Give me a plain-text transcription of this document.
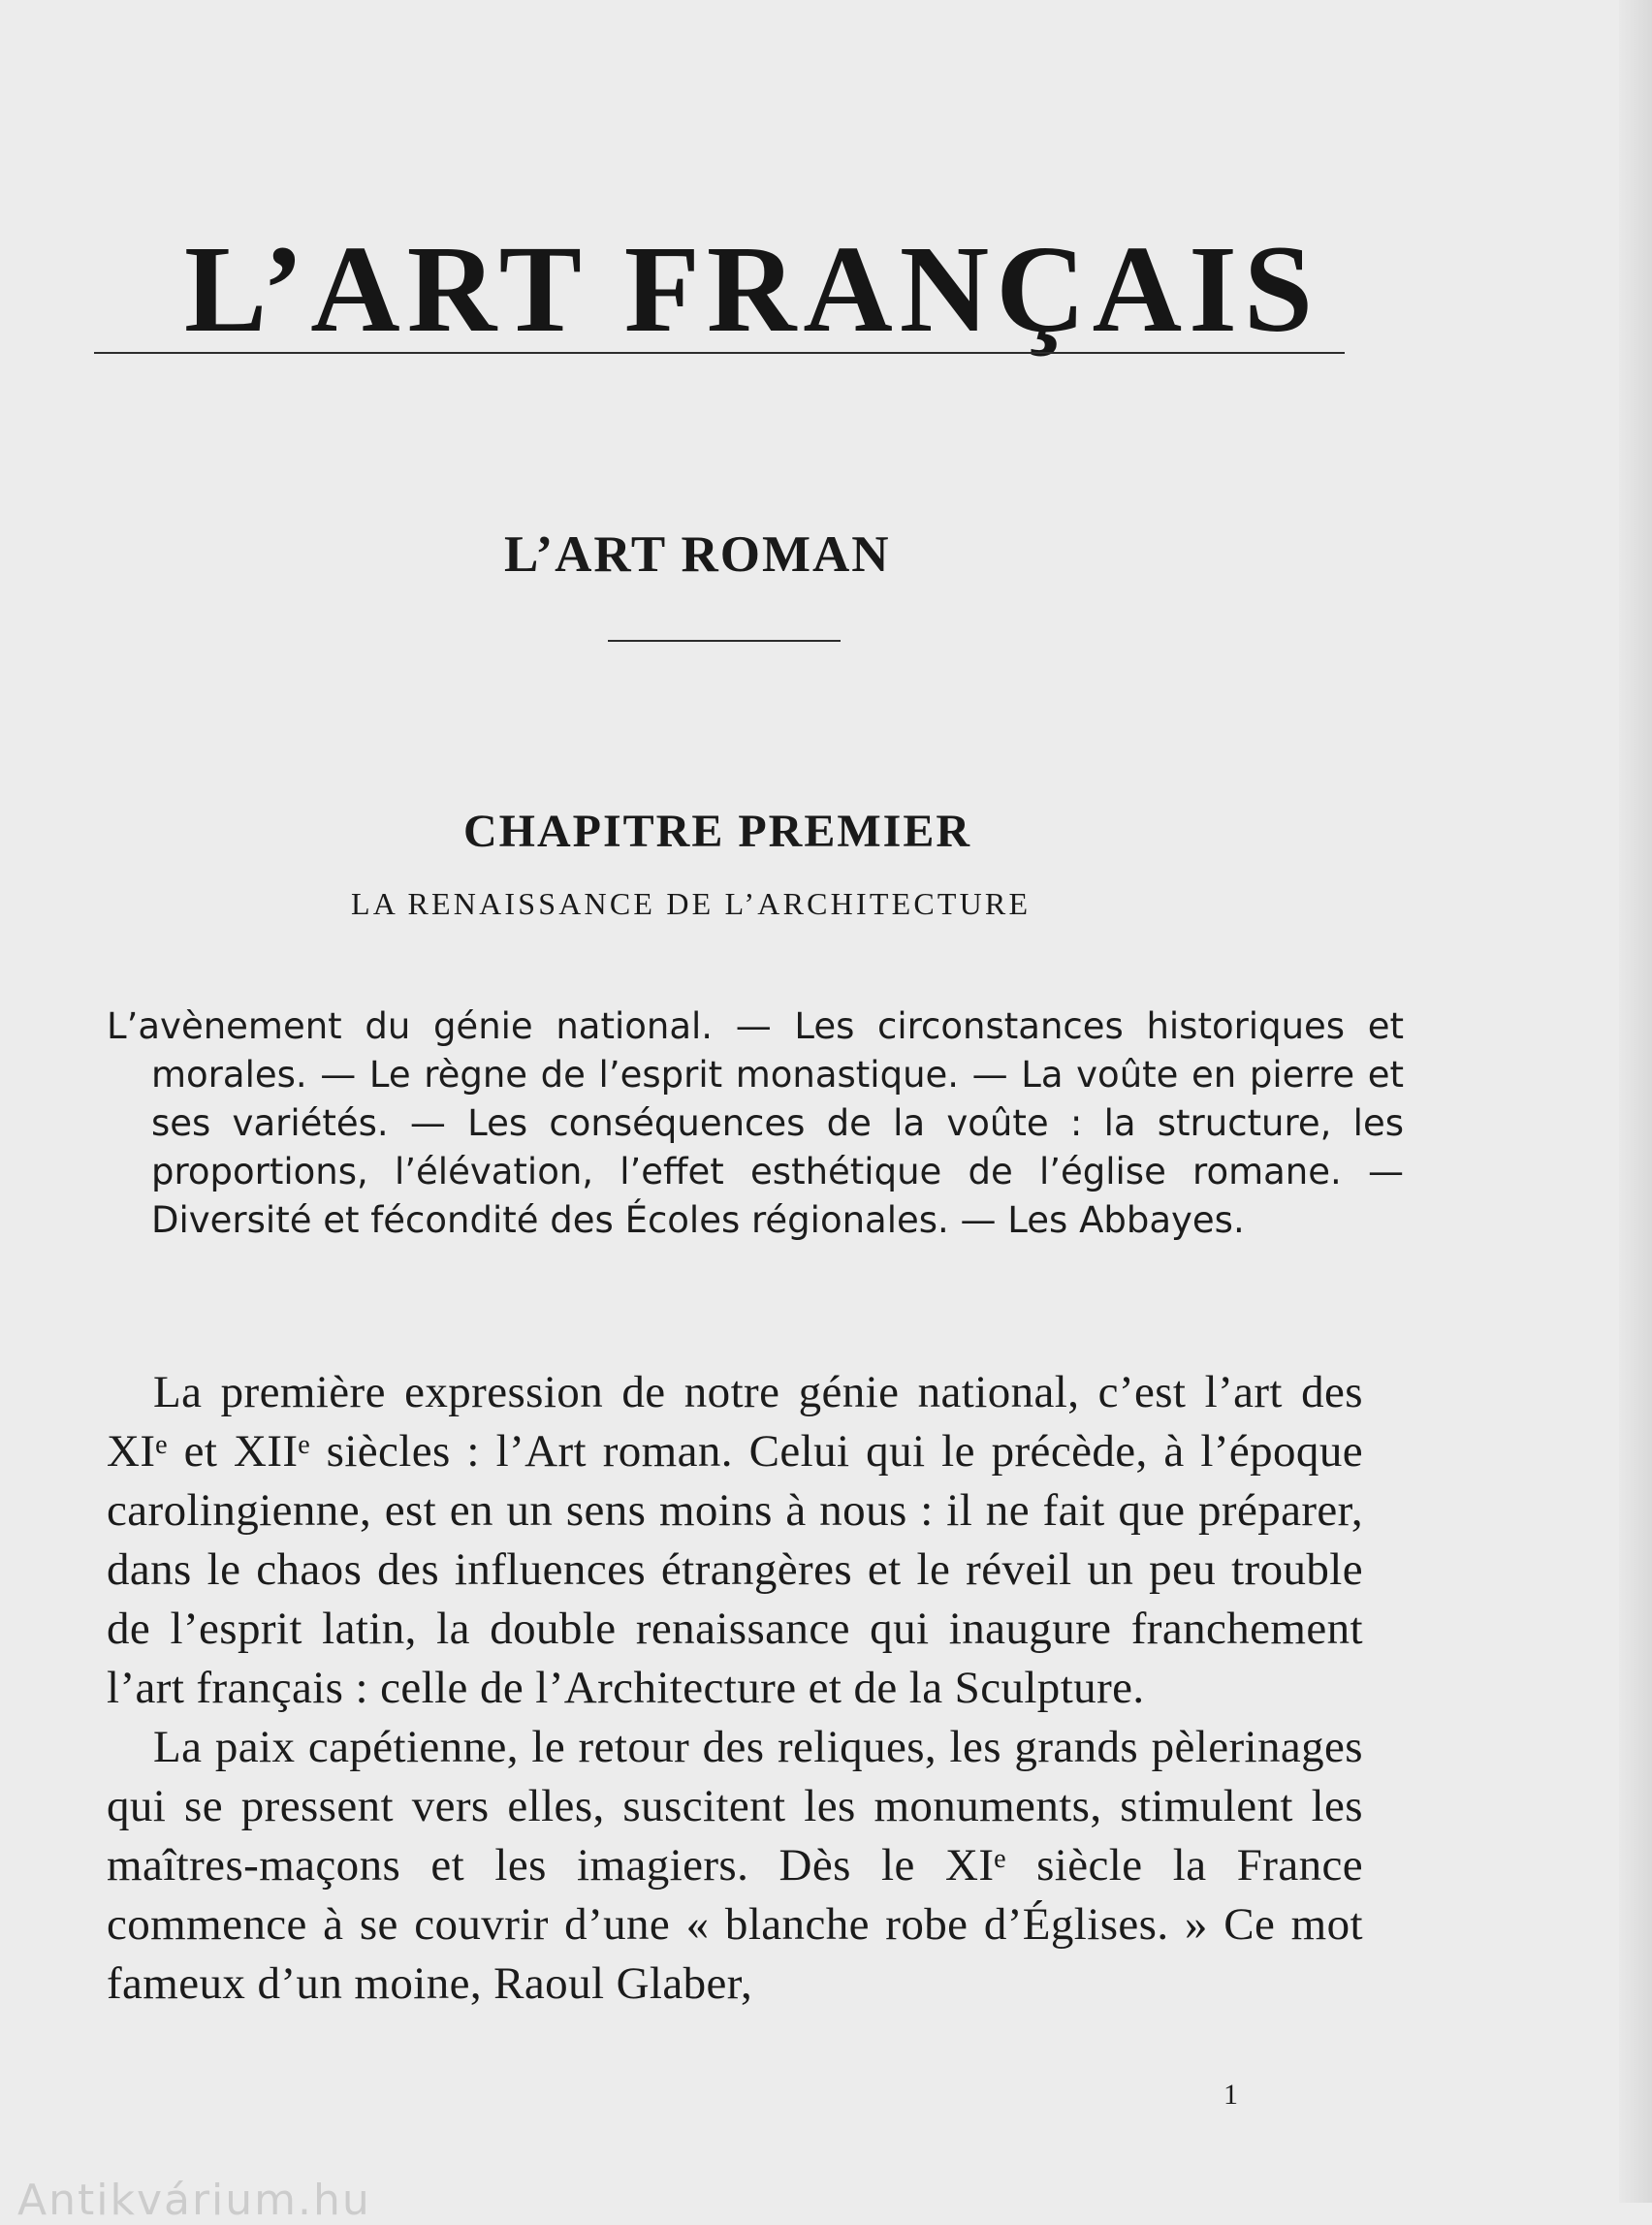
L’ART FRANÇAIS
L’ART ROMAN
CHAPITRE PREMIER
LA RENAISSANCE DE L’ARCHITECTURE

L’avènement du génie national. — Les circonstances historiques et morales. — Le règne de l’esprit monastique. — La voûte en pierre et ses variétés. — Les conséquences de la voûte : la structure, les proportions, l’élévation, l’effet esthétique de l’église romane. — Diversité et fécondité des Écoles régionales. — Les Abbayes.

La première expression de notre génie national, c’est l’art des XIᵉ et XIIᵉ siècles : l’Art roman. Celui qui le précède, à l’époque carolingienne, est en un sens moins à nous : il ne fait que préparer, dans le chaos des influences étrangères et le réveil un peu trouble de l’esprit latin, la double renaissance qui inaugure franchement l’art français : celle de l’Architecture et de la Sculpture.

La paix capétienne, le retour des reliques, les grands pèlerinages qui se pressent vers elles, suscitent les monuments, stimulent les maîtres-maçons et les imagiers. Dès le XIᵉ siècle la France commence à se couvrir d’une « blanche robe d’Églises. » Ce mot fameux d’un moine, Raoul Glaber,

1
Antikvárium.hu
